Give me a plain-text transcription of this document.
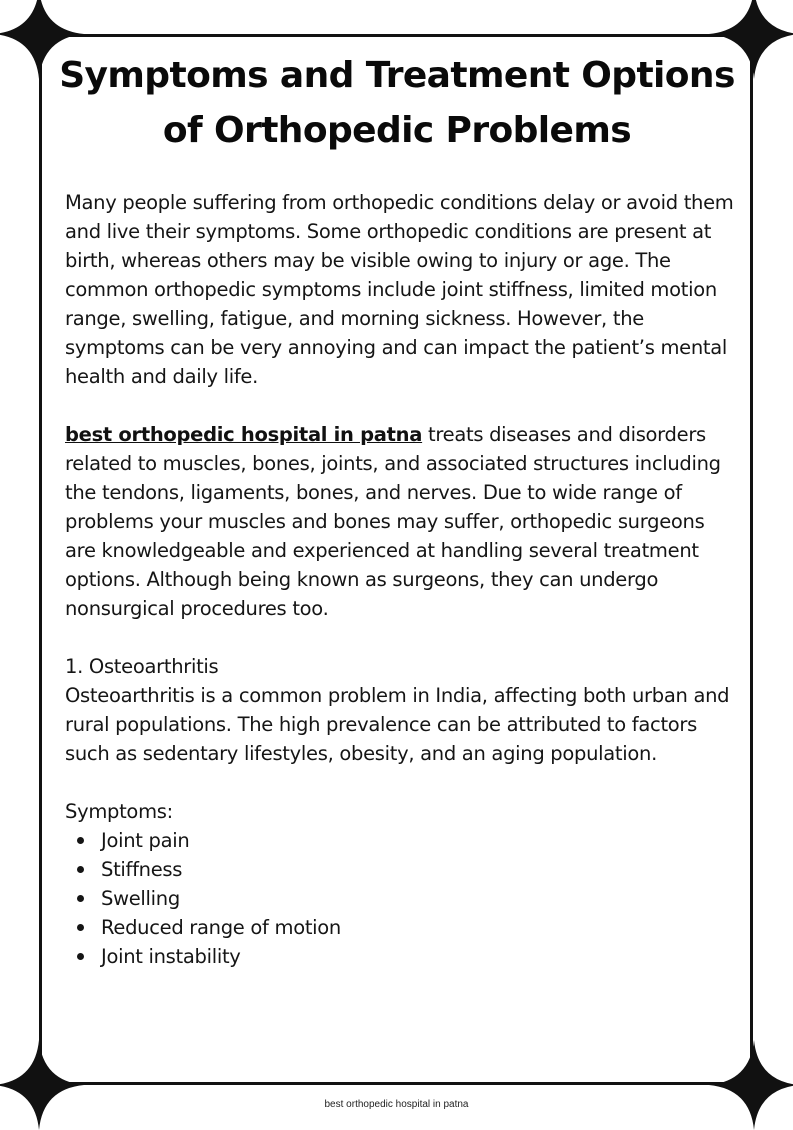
Symptoms and Treatment Options of Orthopedic Problems

Many people suffering from orthopedic conditions delay or avoid them and live their symptoms. Some orthopedic conditions are present at birth, whereas others may be visible owing to injury or age. The common orthopedic symptoms include joint stiffness, limited motion range, swelling, fatigue, and morning sickness. However, the symptoms can be very annoying and can impact the patient’s mental health and daily life.

best orthopedic hospital in patna treats diseases and disorders related to muscles, bones, joints, and associated structures including the tendons, ligaments, bones, and nerves. Due to wide range of problems your muscles and bones may suffer, orthopedic surgeons are knowledgeable and experienced at handling several treatment options. Although being known as surgeons, they can undergo nonsurgical procedures too.

1. Osteoarthritis

Osteoarthritis is a common problem in India, affecting both urban and rural populations. The high prevalence can be attributed to factors such as sedentary lifestyles, obesity, and an aging population.

Symptoms:

Joint pain
Stiffness
Swelling
Reduced range of motion
Joint instability
best orthopedic hospital in patna
